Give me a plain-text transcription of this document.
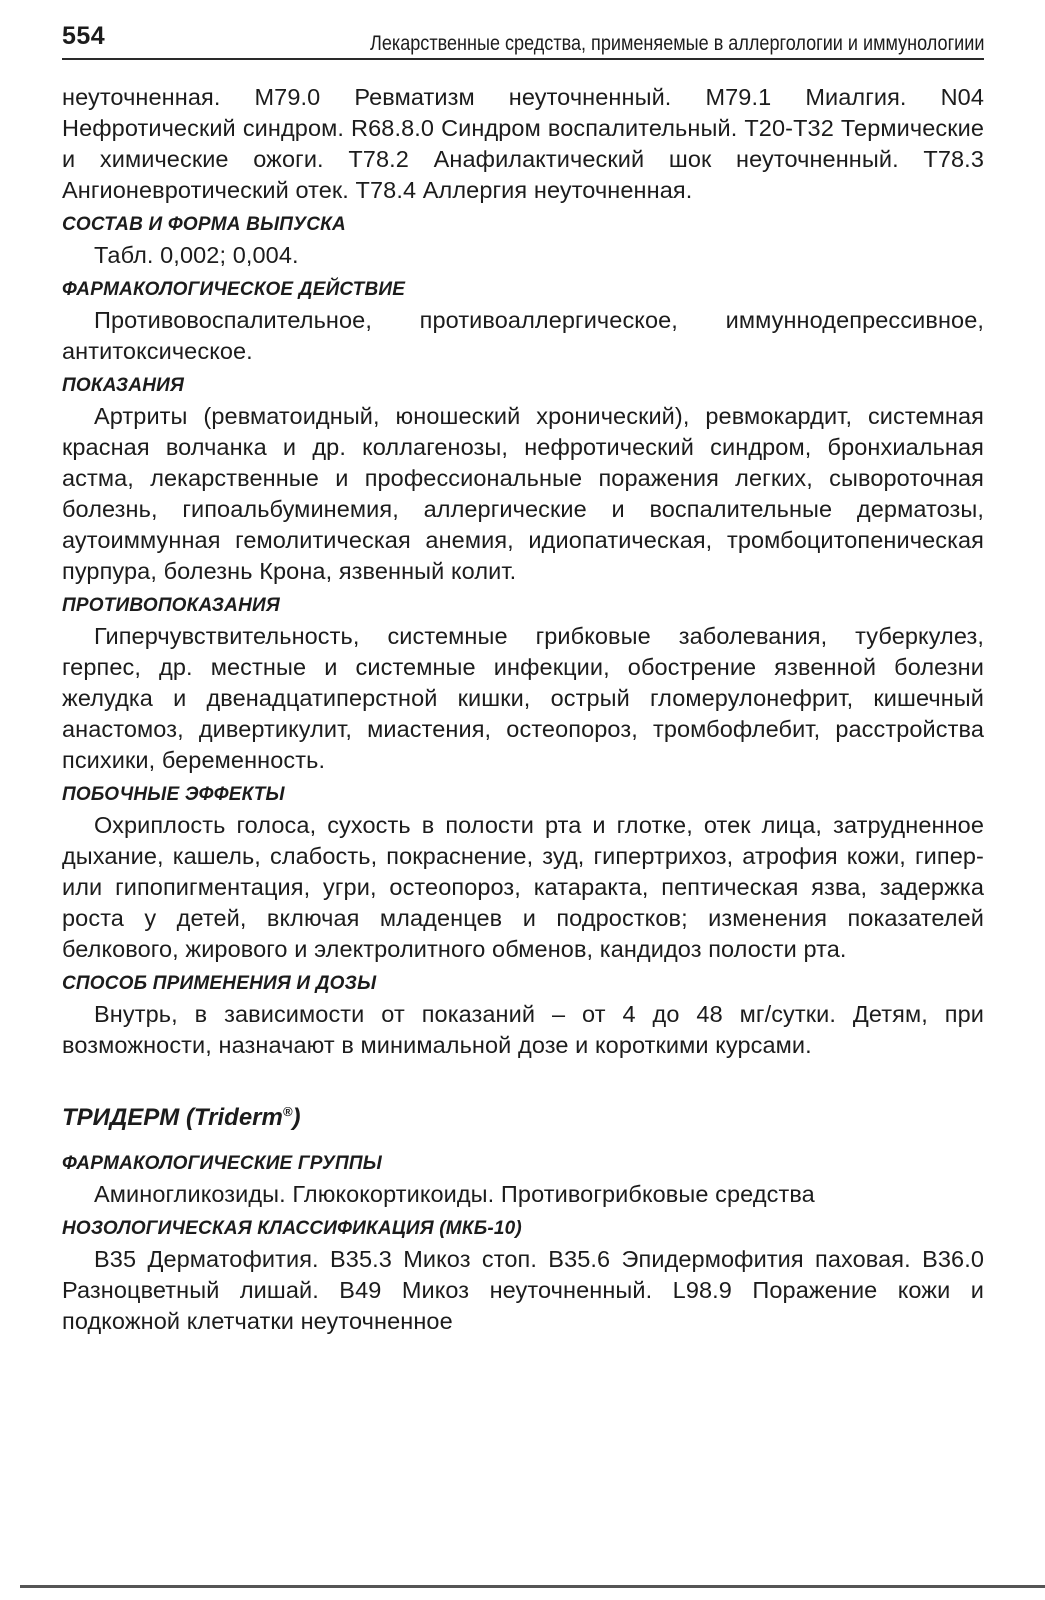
554	Лекарственные средства, применяемые в аллергологии и иммунологиии

неуточненная. M79.0 Ревматизм неуточненный. M79.1 Миалгия. N04 Нефротический синдром. R68.8.0 Синдром воспалительный. T20-T32 Термические и химические ожоги. T78.2 Анафилактический шок неуточненный. T78.3 Ангионевротический отек. T78.4 Аллергия неуточненная.

СОСТАВ И ФОРМА ВЫПУСКА

Табл. 0,002; 0,004.

ФАРМАКОЛОГИЧЕСКОЕ ДЕЙСТВИЕ

Противовоспалительное, противоаллергическое, иммуннодепрессивное, антитоксическое.

ПОКАЗАНИЯ

Артриты (ревматоидный, юношеский хронический), ревмокардит, системная красная волчанка и др. коллагенозы, нефротический синдром, бронхиальная астма, лекарственные и профессиональные поражения легких, сывороточная болезнь, гипоальбуминемия, аллергические и воспалительные дерматозы, аутоиммунная гемолитическая анемия, идиопатическая, тромбоцитопеническая пурпура, болезнь Крона, язвенный колит.

ПРОТИВОПОКАЗАНИЯ

Гиперчувствительность, системные грибковые заболевания, туберкулез, герпес, др. местные и системные инфекции, обострение язвенной болезни желудка и двенадцатиперстной кишки, острый гломерулонефрит, кишечный анастомоз, дивертикулит, миастения, остеопороз, тромбофлебит, расстройства психики, беременность.

ПОБОЧНЫЕ ЭФФЕКТЫ

Охриплость голоса, сухость в полости рта и глотке, отек лица, затрудненное дыхание, кашель, слабость, покраснение, зуд, гипертрихоз, атрофия кожи, гипер- или гипопигментация, угри, остеопороз, катаракта, пептическая язва, задержка роста у детей, включая младенцев и подростков; изменения показателей белкового, жирового и электролитного обменов, кандидоз полости рта.

СПОСОБ ПРИМЕНЕНИЯ И ДОЗЫ

Внутрь, в зависимости от показаний – от 4 до 48 мг/сутки. Детям, при возможности, назначают в минимальной дозе и короткими курсами.

ТРИДЕРМ (Triderm®)
ФАРМАКОЛОГИЧЕСКИЕ ГРУППЫ

Аминогликозиды. Глюкокортикоиды. Противогрибковые средства

НОЗОЛОГИЧЕСКАЯ КЛАССИФИКАЦИЯ (МКБ-10)

B35 Дерматофития. B35.3 Микоз стоп. B35.6 Эпидермофития паховая. B36.0 Разноцветный лишай. B49 Микоз неуточненный. L98.9 Поражение кожи и подкожной клетчатки неуточненное
